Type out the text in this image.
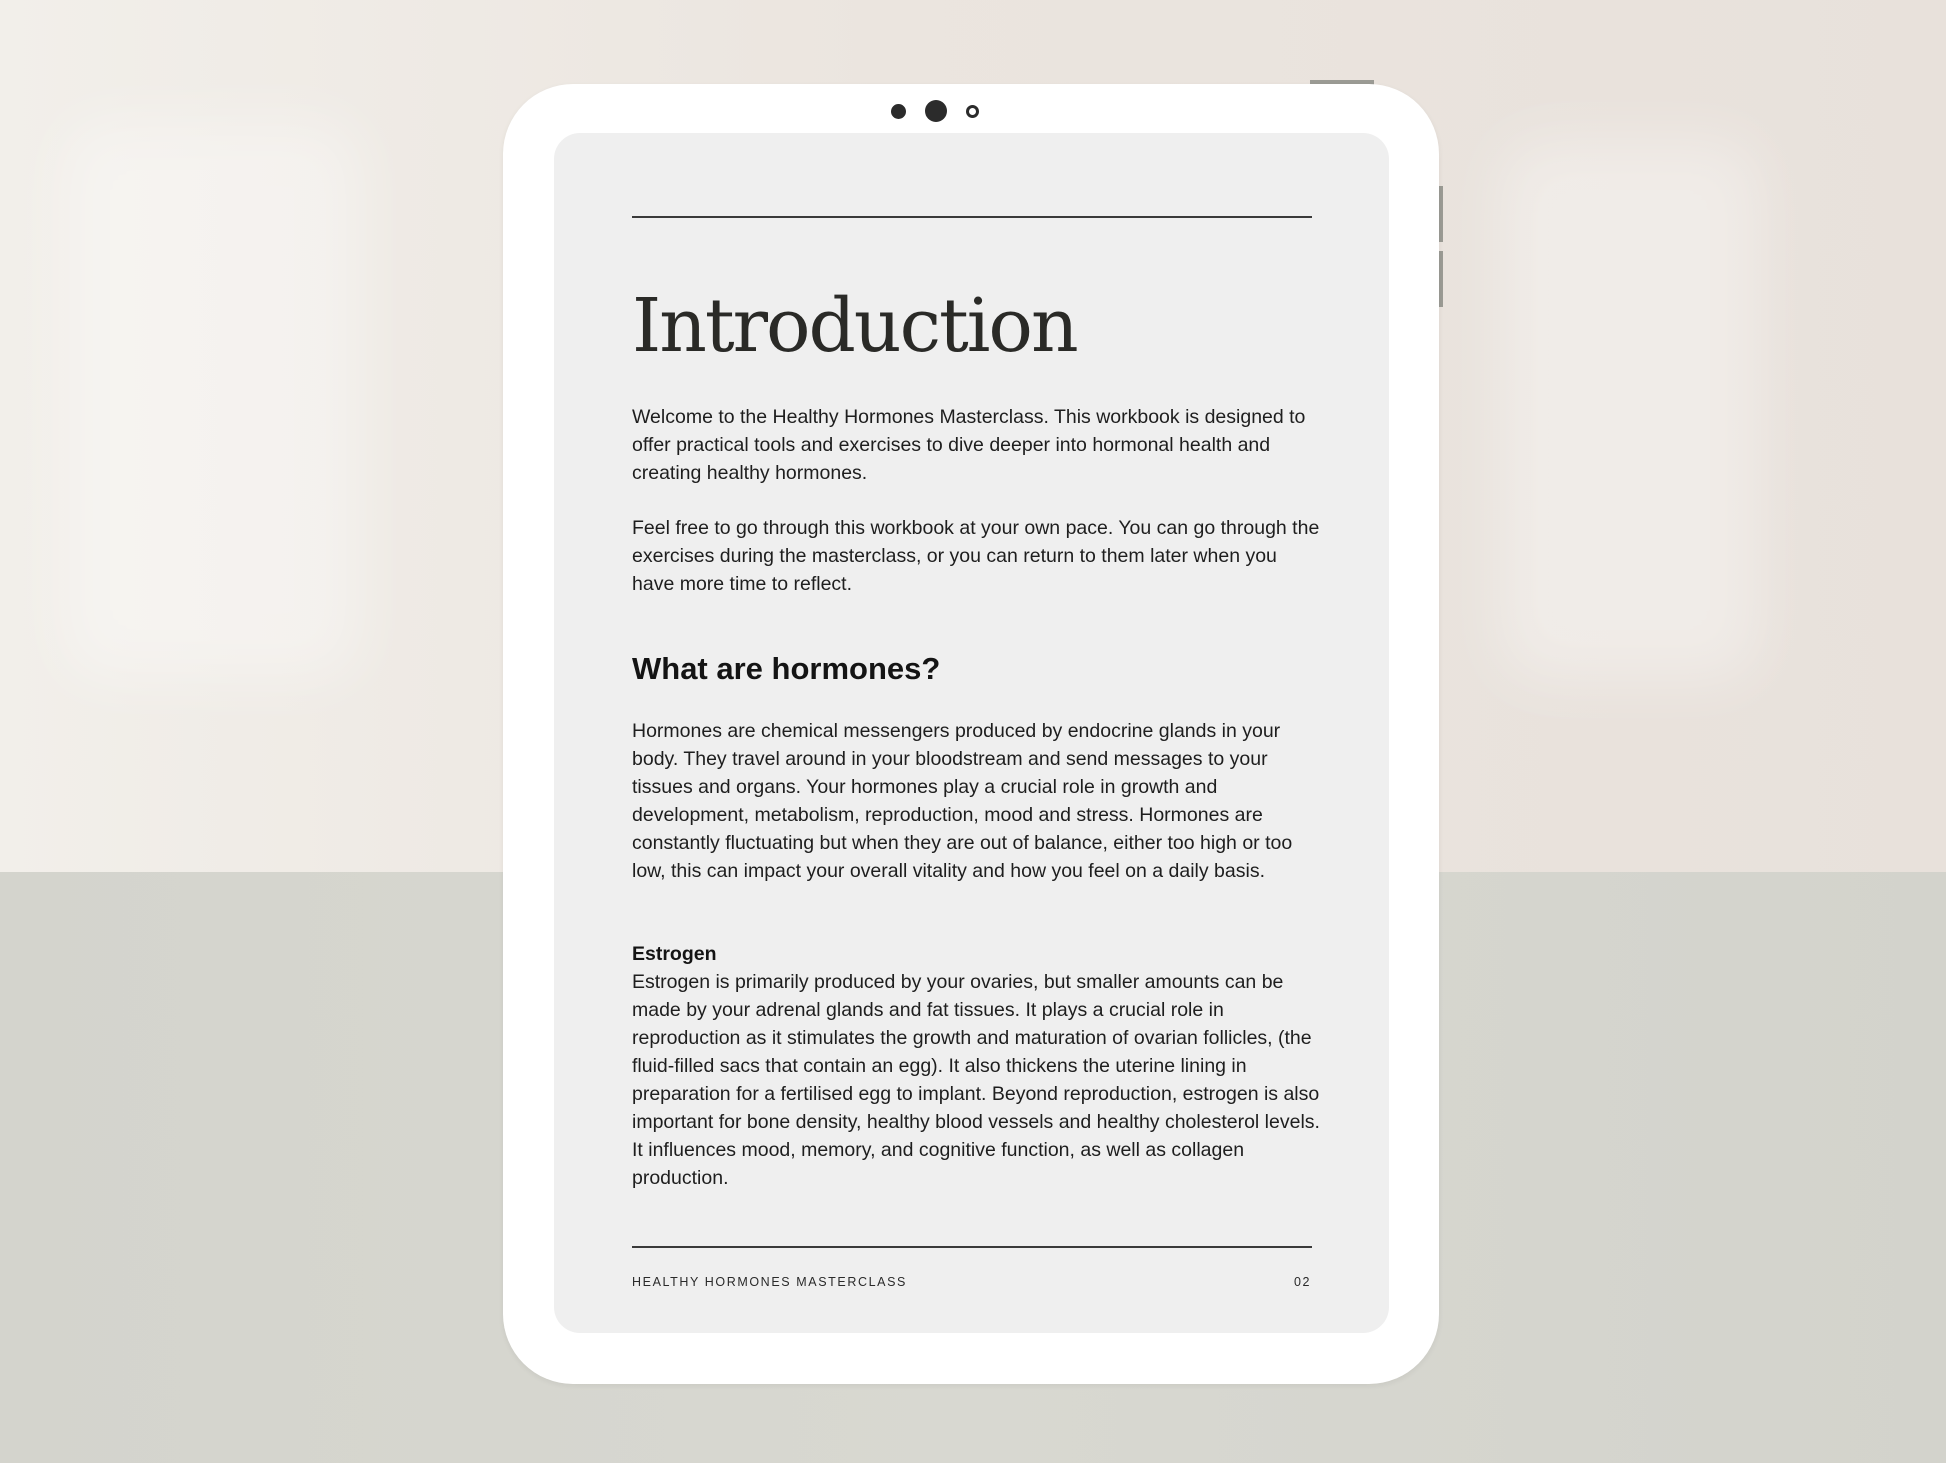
Introduction

Welcome to the Healthy Hormones Masterclass. This workbook is designed to offer practical tools and exercises to dive deeper into hormonal health and creating healthy hormones.

Feel free to go through this workbook at your own pace. You can go through the exercises during the masterclass, or you can return to them later when you have more time to reflect.

What are hormones?

Hormones are chemical messengers produced by endocrine glands in your body. They travel around in your bloodstream and send messages to your tissues and organs. Your hormones play a crucial role in growth and development, metabolism, reproduction, mood and stress. Hormones are constantly fluctuating but when they are out of balance, either too high or too low, this can impact your overall vitality and how you feel on a daily basis.

Estrogen

Estrogen is primarily produced by your ovaries, but smaller amounts can be made by your adrenal glands and fat tissues. It plays a crucial role in reproduction as it stimulates the growth and maturation of ovarian follicles, (the fluid-filled sacs that contain an egg). It also thickens the uterine lining in preparation for a fertilised egg to implant. Beyond reproduction, estrogen is also important for bone density, healthy blood vessels and healthy cholesterol levels. It influences mood, memory, and cognitive function, as well as collagen production.

HEALTHY HORMONES MASTERCLASS	02
